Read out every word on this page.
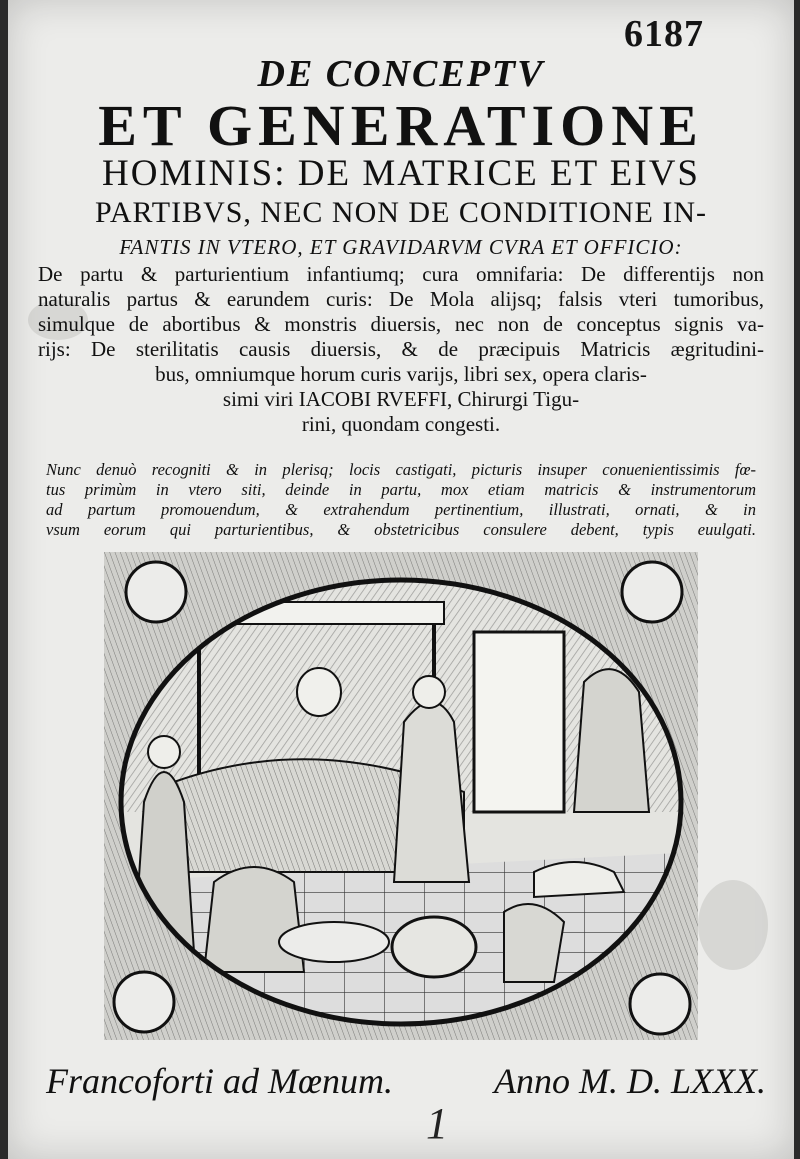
6187
DE CONCEPTV
ET GENERATIONE
HOMINIS: DE MATRICE ET EIVS
PARTIBVS, NEC NON DE CONDITIONE IN-
FANTIS IN VTERO, ET GRAVIDARVM CVRA ET OFFICIO:
De partu & parturientium infantiumq; cura omnifaria: De differentijs non
naturalis partus & earundem curis: De Mola alijsq; falsis vteri tumoribus,
simulque de abortibus & monstris diuersis, nec non de conceptus signis va-
rijs: De sterilitatis causis diuersis, & de præcipuis Matricis ægritudini-
bus, omniumque horum curis varijs, libri sex, opera claris-
simi viri IACOBI RVEFFI, Chirurgi Tigu-
rini, quondam congesti.
Nunc denuò recogniti & in plerisq; locis castigati, picturis insuper conuenientissimis fœ-
tus primùm in vtero siti, deinde in partu, mox etiam matricis & instrumentorum
ad partum promouendum, & extrahendum pertinentium, illustrati, ornati, & in
vsum eorum qui parturientibus, & obstetricibus consulere debent, typis euulgati.
Francoforti ad Mœnum.	Anno M. D. LXXX.
1
